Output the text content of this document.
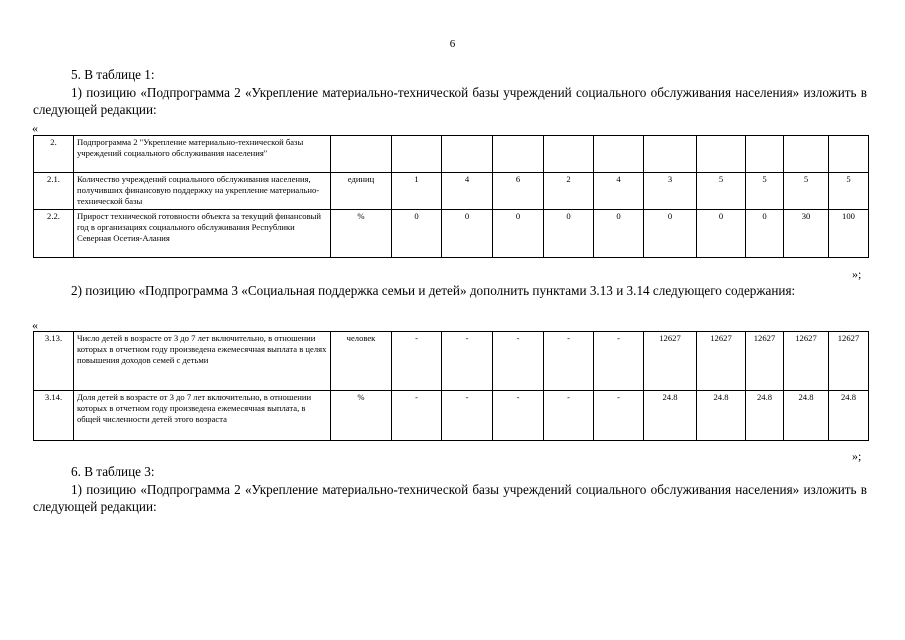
6
5. В таблице 1:
1) позицию «Подпрограмма 2 «Укрепление материально-технической базы учреждений социального обслуживания населения» изложить в следующей редакции:
«
2.	Подпрограмма 2 "Укрепление материально-технической базы учреждений социального обслуживания населения"											
2.1.	Количество учреждений социального обслуживания населения, получивших финансовую поддержку на укрепление материально-технической базы	единиц	1	4	6	2	4	3	5	5	5	5
2.2.	Прирост технической готовности объекта за текущий финансовый год в организациях социального обслуживания Республики Северная Осетия-Алания	%	0	0	0	0	0	0	0	0	30	100
»;
2) позицию «Подпрограмма 3 «Социальная поддержка семьи и детей» дополнить пунктами 3.13 и 3.14 следующего содержания:
«
3.13.	Число детей в возрасте от 3 до 7 лет включительно, в отношении которых в отчетном году произведена ежемесячная выплата в целях повышения доходов семей с детьми	человек	-	-	-	-	-	12627	12627	12627	12627	12627
3.14.	Доля детей в возрасте от 3 до 7 лет включительно, в отношении которых в отчетном году произведена ежемесячная выплата, в общей численности детей этого возраста	%	-	-	-	-	-	24.8	24.8	24.8	24.8	24.8
»;
6. В таблице 3:
1) позицию «Подпрограмма 2 «Укрепление материально-технической базы учреждений социального обслуживания населения» изложить в следующей редакции:
